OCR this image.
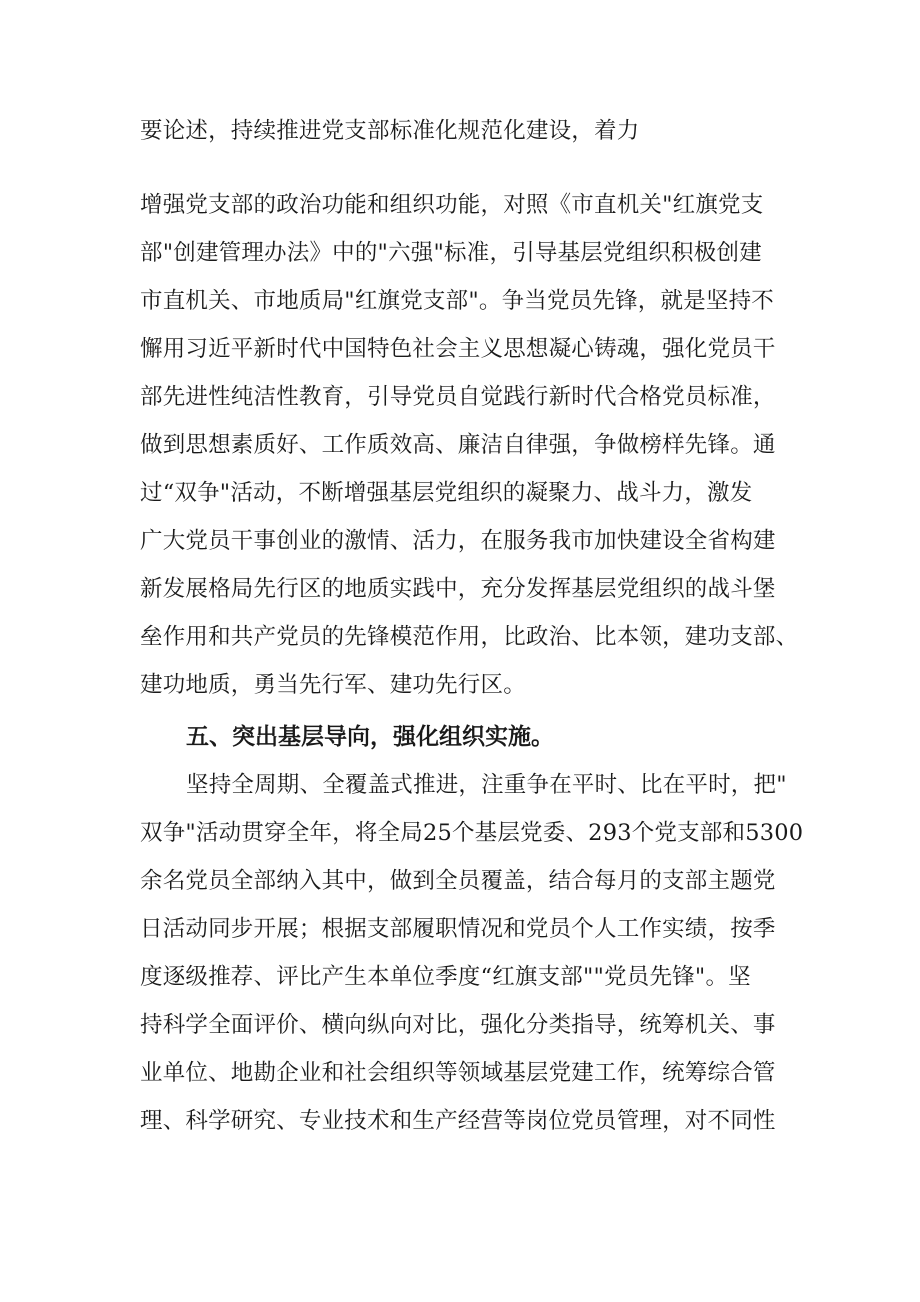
要论述，持续推进党支部标准化规范化建设，着力
增强党支部的政治功能和组织功能，对照《市直机关"红旗党支
部"创建管理办法》中的"六强"标准，引导基层党组织积极创建
市直机关、市地质局"红旗党支部"。争当党员先锋，就是坚持不
懈用习近平新时代中国特色社会主义思想凝心铸魂，强化党员干
部先进性纯洁性教育，引导党员自觉践行新时代合格党员标准，
做到思想素质好、工作质效高、廉洁自律强，争做榜样先锋。通
过“双争"活动，不断增强基层党组织的凝聚力、战斗力，激发
广大党员干事创业的激情、活力，在服务我市加快建设全省构建
新发展格局先行区的地质实践中，充分发挥基层党组织的战斗堡
垒作用和共产党员的先锋模范作用，比政治、比本领，建功支部、
建功地质，勇当先行军、建功先行区。
五、突出基层导向，强化组织实施。
坚持全周期、全覆盖式推进，注重争在平时、比在平时，把"
双争"活动贯穿全年，将全局25个基层党委、293个党支部和5300
余名党员全部纳入其中，做到全员覆盖，结合每月的支部主题党
日活动同步开展；根据支部履职情况和党员个人工作实绩，按季
度逐级推荐、评比产生本单位季度“红旗支部""党员先锋"。坚
持科学全面评价、横向纵向对比，强化分类指导，统筹机关、事
业单位、地勘企业和社会组织等领域基层党建工作，统筹综合管
理、科学研究、专业技术和生产经营等岗位党员管理，对不同性
